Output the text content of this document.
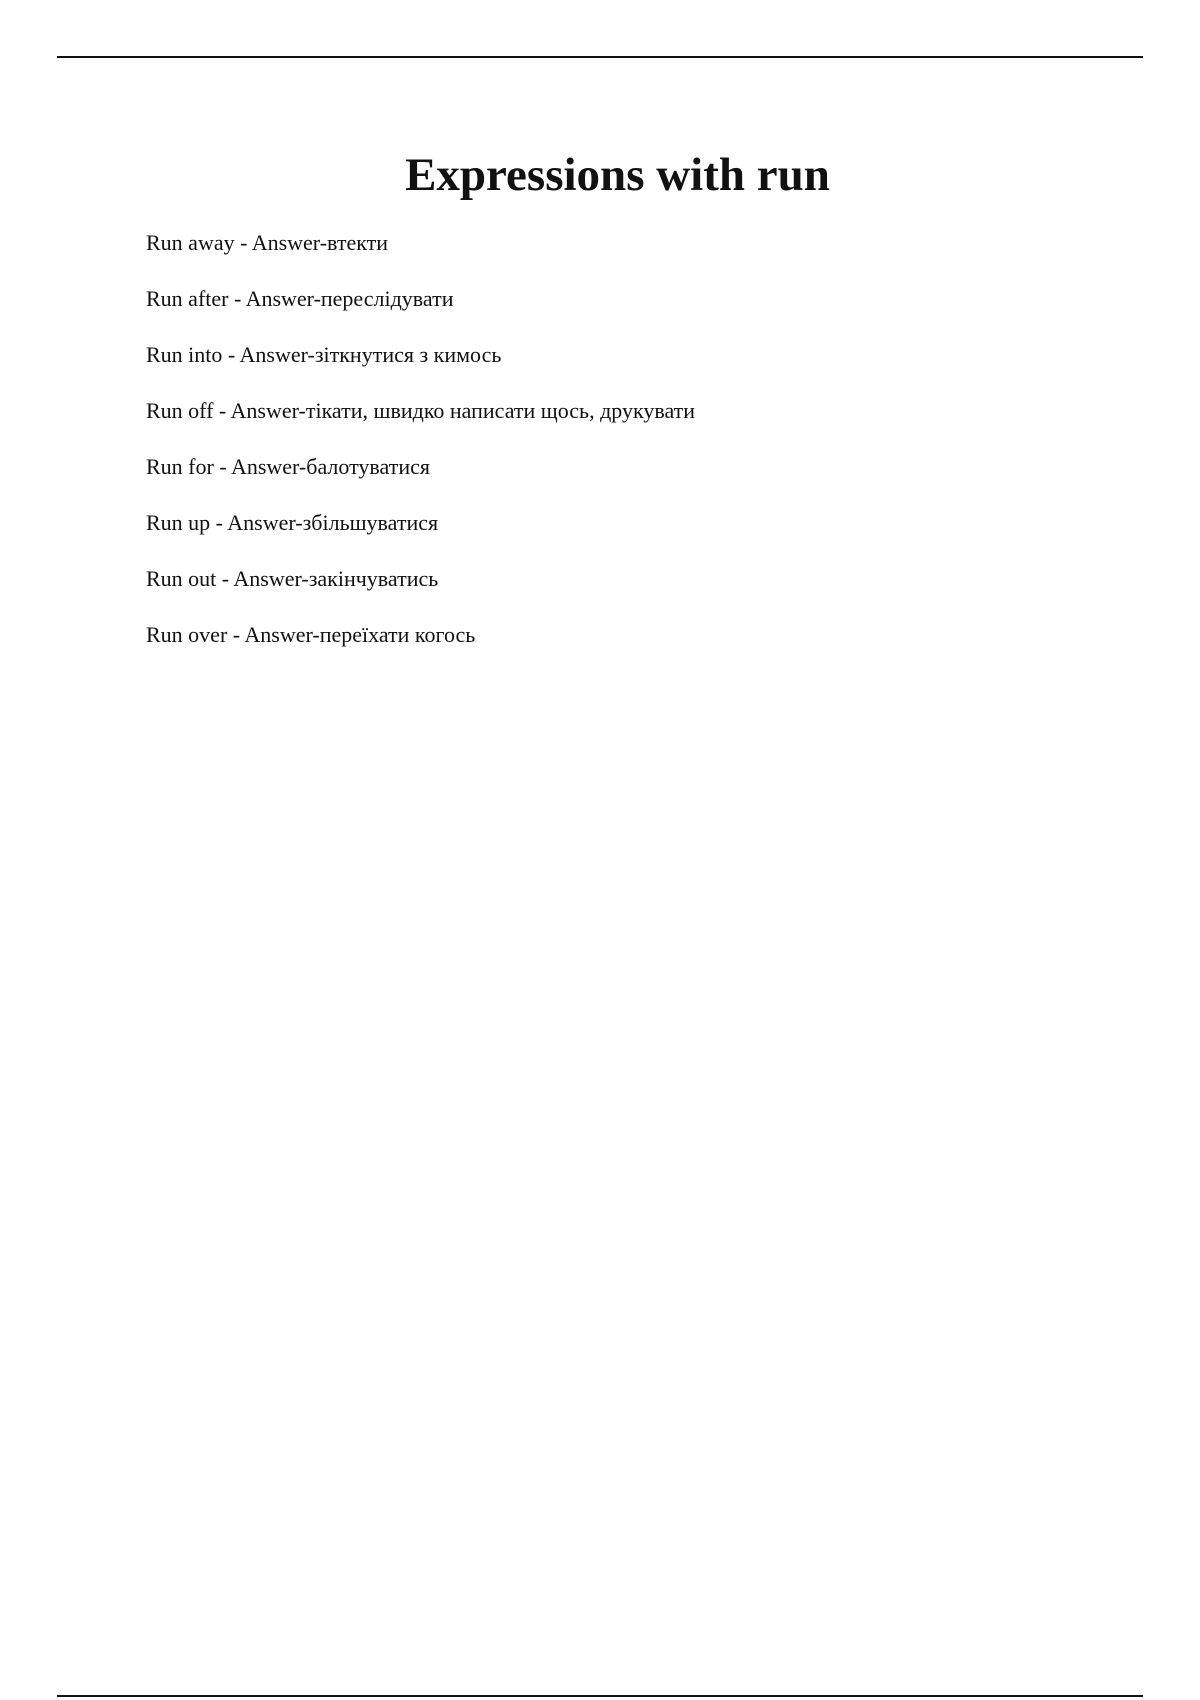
Expressions with run
Run away - Answer-втекти
Run after - Answer-переслідувати
Run into - Answer-зіткнутися з кимось
Run off - Answer-тікати, швидко написати щось, друкувати
Run for - Answer-балотуватися
Run up - Answer-збільшуватися
Run out - Answer-закінчуватись
Run over - Answer-переїхати когось
